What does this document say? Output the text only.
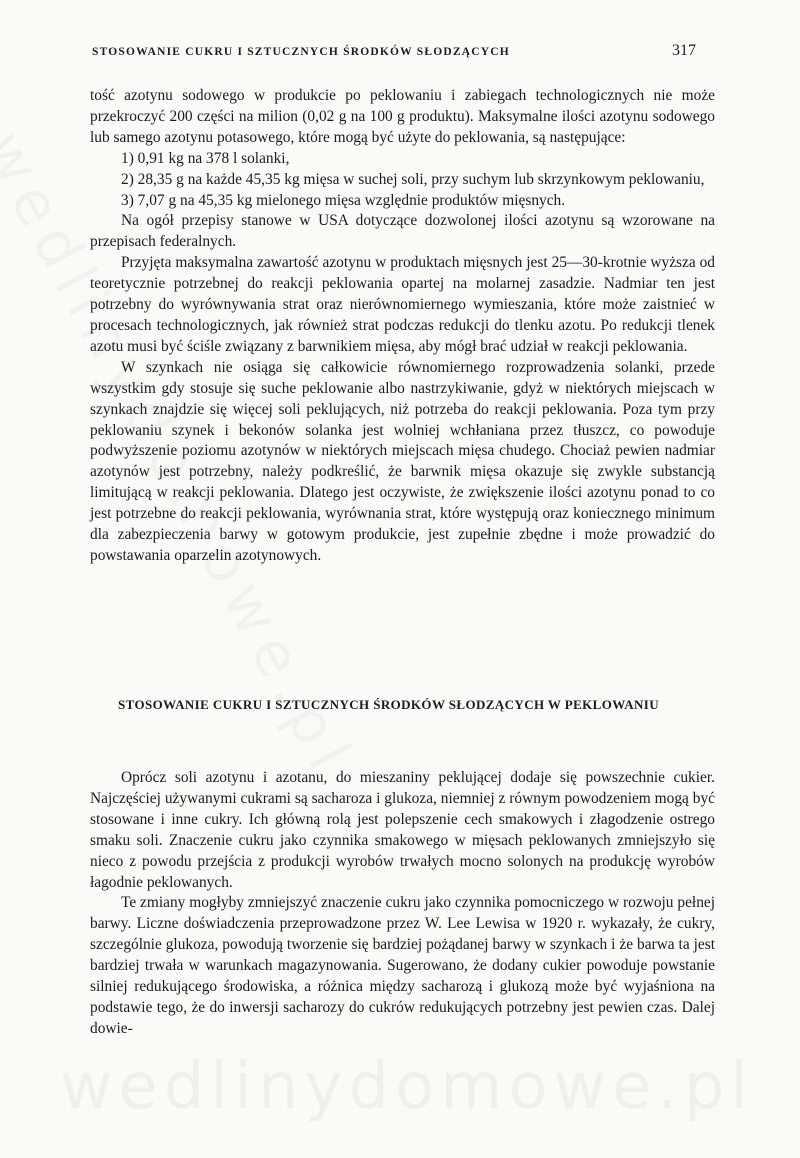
STOSOWANIE CUKRU I SZTUCZNYCH ŚRODKÓW SŁODZĄCYCH	317

tość azotynu sodowego w produkcie po peklowaniu i zabiegach technologicznych nie może przekroczyć 200 części na milion (0,02 g na 100 g produktu). Maksymalne ilości azotynu sodowego lub samego azotynu potasowego, które mogą być użyte do peklowania, są następujące:

1) 0,91 kg na 378 l solanki,

2) 28,35 g na każde 45,35 kg mięsa w suchej soli, przy suchym lub skrzynkowym peklowaniu,

3) 7,07 g na 45,35 kg mielonego mięsa względnie produktów mięsnych.

Na ogół przepisy stanowe w USA dotyczące dozwolonej ilości azotynu są wzorowane na przepisach federalnych.

Przyjęta maksymalna zawartość azotynu w produktach mięsnych jest 25—30-krotnie wyższa od teoretycznie potrzebnej do reakcji peklowania opartej na molarnej zasadzie. Nadmiar ten jest potrzebny do wyrównywania strat oraz nierównomiernego wymieszania, które może zaistnieć w procesach technologicznych, jak również strat podczas redukcji do tlenku azotu. Po redukcji tlenek azotu musi być ściśle związany z barwnikiem mięsa, aby mógł brać udział w reakcji peklowania.

W szynkach nie osiąga się całkowicie równomiernego rozprowadzenia solanki, przede wszystkim gdy stosuje się suche peklowanie albo nastrzykiwanie, gdyż w niektórych miejscach w szynkach znajdzie się więcej soli peklujących, niż potrzeba do reakcji peklowania. Poza tym przy peklowaniu szynek i bekonów solanka jest wolniej wchłaniana przez tłuszcz, co powoduje podwyższenie poziomu azotynów w niektórych miejscach mięsa chudego. Chociaż pewien nadmiar azotynów jest potrzebny, należy podkreślić, że barwnik mięsa okazuje się zwykle substancją limitującą w reakcji peklowania. Dlatego jest oczywiste, że zwiększenie ilości azotynu ponad to co jest potrzebne do reakcji peklowania, wyrównania strat, które występują oraz koniecznego minimum dla zabezpieczenia barwy w gotowym produkcie, jest zupełnie zbędne i może prowadzić do powstawania oparzelin azotynowych.

STOSOWANIE CUKRU I SZTUCZNYCH ŚRODKÓW SŁODZĄCYCH W PEKLOWANIU

Oprócz soli azotynu i azotanu, do mieszaniny peklującej dodaje się powszechnie cukier. Najczęściej używanymi cukrami są sacharoza i glukoza, niemniej z równym powodzeniem mogą być stosowane i inne cukry. Ich główną rolą jest polepszenie cech smakowych i złagodzenie ostrego smaku soli. Znaczenie cukru jako czynnika smakowego w mięsach peklowanych zmniejszyło się nieco z powodu przejścia z produkcji wyrobów trwałych mocno solonych na produkcję wyrobów łagodnie peklowanych.

Te zmiany mogłyby zmniejszyć znaczenie cukru jako czynnika pomocniczego w rozwoju pełnej barwy. Liczne doświadczenia przeprowadzone przez W. Lee Lewisa w 1920 r. wykazały, że cukry, szczególnie glukoza, powodują tworzenie się bardziej pożądanej barwy w szynkach i że barwa ta jest bardziej trwała w warunkach magazynowania. Sugerowano, że dodany cukier powoduje powstanie silniej redukującego środowiska, a różnica między sacharozą i glukozą może być wyjaśniona na podstawie tego, że do inwersji sacharozy do cukrów redukujących potrzebny jest pewien czas. Dalej dowie-
